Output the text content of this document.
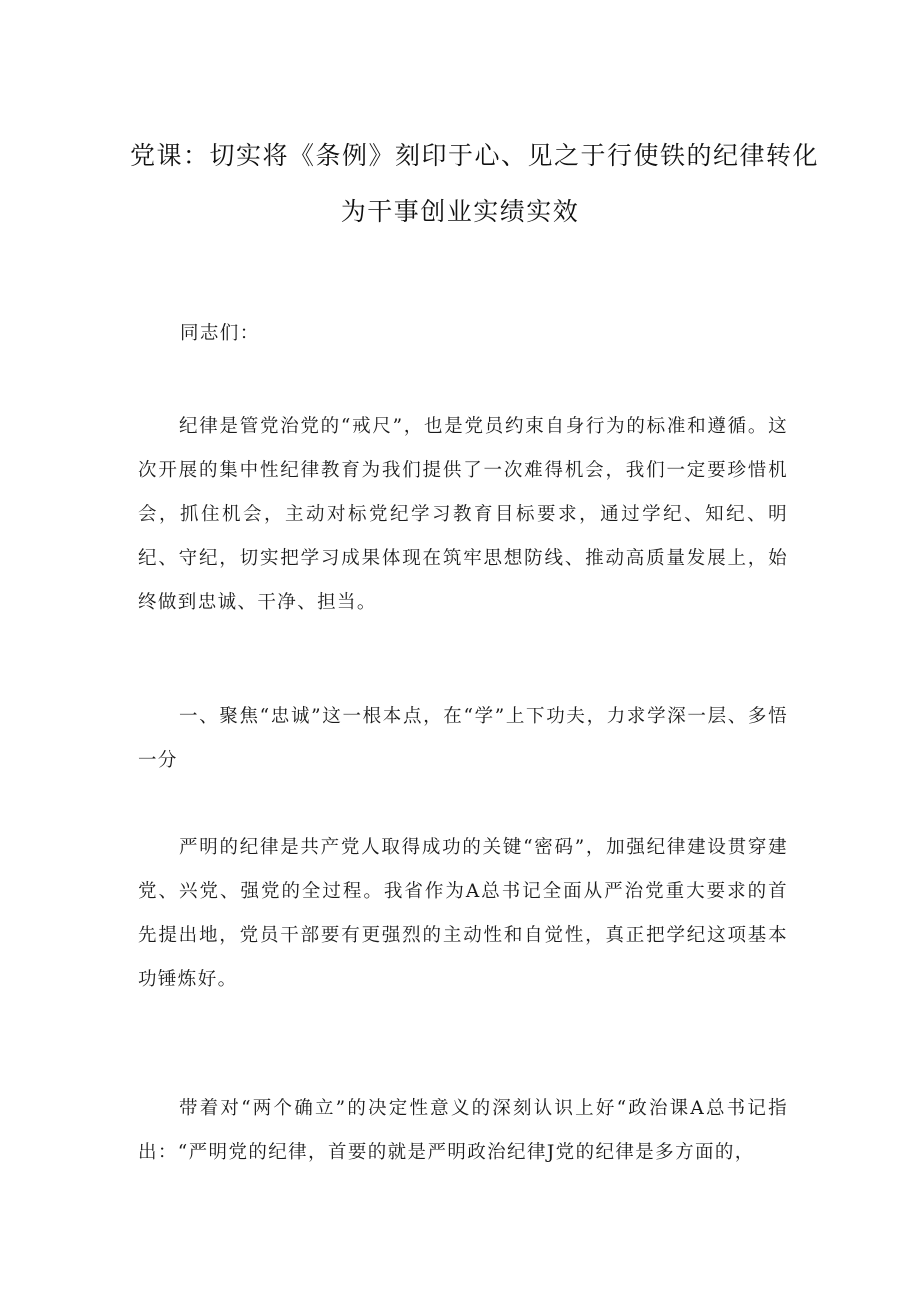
党课：切实将《条例》刻印于心、见之于行使铁的纪律转化
为干事创业实绩实效
同志们：
纪律是管党治党的“戒尺”，也是党员约束自身行为的标准和遵循。这次开展的集中性纪律教育为我们提供了一次难得机会，我们一定要珍惜机会，抓住机会，主动对标党纪学习教育目标要求，通过学纪、知纪、明纪、守纪，切实把学习成果体现在筑牢思想防线、推动高质量发展上，始终做到忠诚、干净、担当。
一、聚焦“忠诚”这一根本点，在“学”上下功夫，力求学深一层、多悟一分
严明的纪律是共产党人取得成功的关键“密码”，加强纪律建设贯穿建党、兴党、强党的全过程。我省作为A总书记全面从严治党重大要求的首先提出地，党员干部要有更强烈的主动性和自觉性，真正把学纪这项基本功锤炼好。
带着对“两个确立”的决定性意义的深刻认识上好“政治课A总书记指出：“严明党的纪律，首要的就是严明政治纪律J党的纪律是多方面的，
